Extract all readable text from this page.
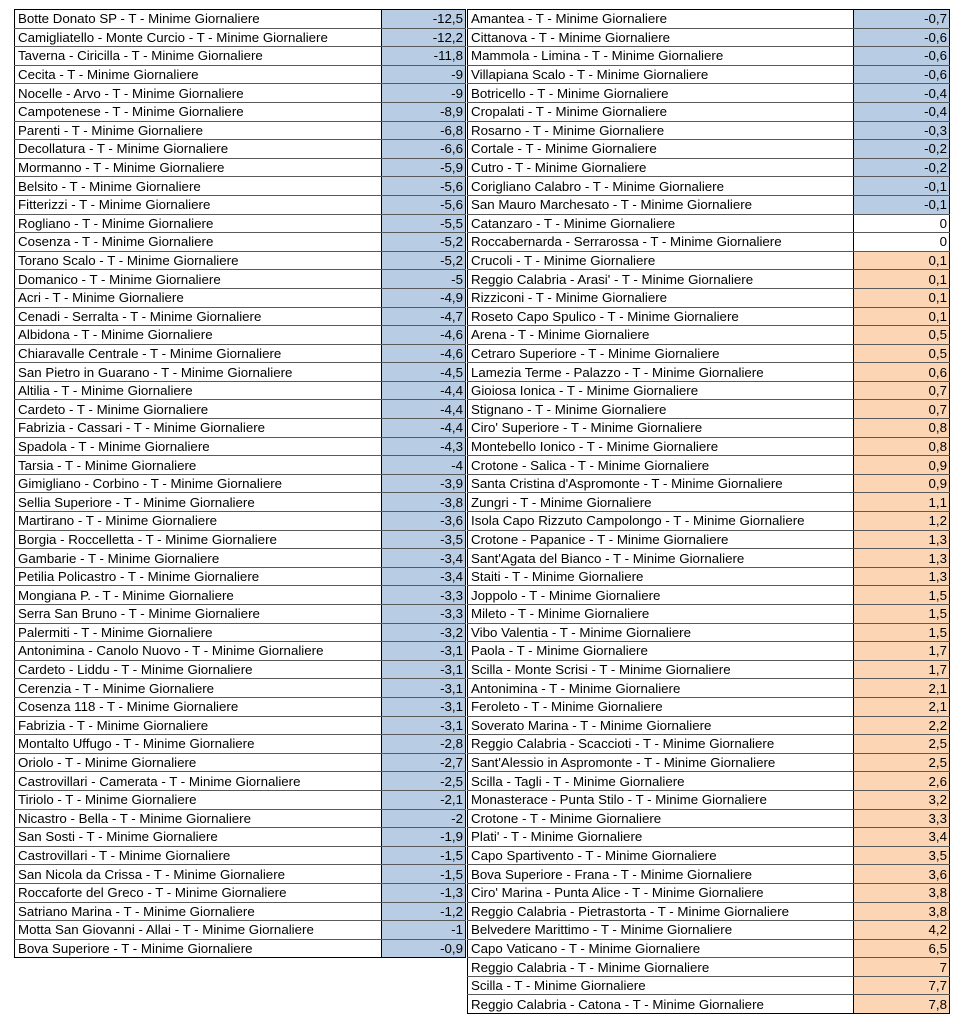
Botte Donato SP - T - Minime Giornaliere	-12,5
Camigliatello - Monte Curcio - T - Minime Giornaliere	-12,2
Taverna - Ciricilla - T - Minime Giornaliere	-11,8
Cecita - T - Minime Giornaliere	-9
Nocelle - Arvo - T - Minime Giornaliere	-9
Campotenese - T - Minime Giornaliere	-8,9
Parenti - T - Minime Giornaliere	-6,8
Decollatura - T - Minime Giornaliere	-6,6
Mormanno - T - Minime Giornaliere	-5,9
Belsito - T - Minime Giornaliere	-5,6
Fitterizzi - T - Minime Giornaliere	-5,6
Rogliano - T - Minime Giornaliere	-5,5
Cosenza - T - Minime Giornaliere	-5,2
Torano Scalo - T - Minime Giornaliere	-5,2
Domanico - T - Minime Giornaliere	-5
Acri - T - Minime Giornaliere	-4,9
Cenadi - Serralta - T - Minime Giornaliere	-4,7
Albidona - T - Minime Giornaliere	-4,6
Chiaravalle Centrale - T - Minime Giornaliere	-4,6
San Pietro in Guarano - T - Minime Giornaliere	-4,5
Altilia - T - Minime Giornaliere	-4,4
Cardeto - T - Minime Giornaliere	-4,4
Fabrizia - Cassari - T - Minime Giornaliere	-4,4
Spadola - T - Minime Giornaliere	-4,3
Tarsia - T - Minime Giornaliere	-4
Gimigliano - Corbino - T - Minime Giornaliere	-3,9
Sellia Superiore - T - Minime Giornaliere	-3,8
Martirano - T - Minime Giornaliere	-3,6
Borgia - Roccelletta - T - Minime Giornaliere	-3,5
Gambarie - T - Minime Giornaliere	-3,4
Petilia Policastro - T - Minime Giornaliere	-3,4
Mongiana P. - T - Minime Giornaliere	-3,3
Serra San Bruno - T - Minime Giornaliere	-3,3
Palermiti - T - Minime Giornaliere	-3,2
Antonimina - Canolo Nuovo - T - Minime Giornaliere	-3,1
Cardeto - Liddu - T - Minime Giornaliere	-3,1
Cerenzia - T - Minime Giornaliere	-3,1
Cosenza 118 - T - Minime Giornaliere	-3,1
Fabrizia - T - Minime Giornaliere	-3,1
Montalto Uffugo - T - Minime Giornaliere	-2,8
Oriolo - T - Minime Giornaliere	-2,7
Castrovillari - Camerata - T - Minime Giornaliere	-2,5
Tiriolo - T - Minime Giornaliere	-2,1
Nicastro - Bella - T - Minime Giornaliere	-2
San Sosti - T - Minime Giornaliere	-1,9
Castrovillari - T - Minime Giornaliere	-1,5
San Nicola da Crissa - T - Minime Giornaliere	-1,5
Roccaforte del Greco - T - Minime Giornaliere	-1,3
Satriano Marina - T - Minime Giornaliere	-1,2
Motta San Giovanni - Allai - T - Minime Giornaliere	-1
Bova Superiore - T - Minime Giornaliere	-0,9
Amantea - T - Minime Giornaliere	-0,7
Cittanova - T - Minime Giornaliere	-0,6
Mammola - Limina - T - Minime Giornaliere	-0,6
Villapiana Scalo - T - Minime Giornaliere	-0,6
Botricello - T - Minime Giornaliere	-0,4
Cropalati - T - Minime Giornaliere	-0,4
Rosarno - T - Minime Giornaliere	-0,3
Cortale - T - Minime Giornaliere	-0,2
Cutro - T - Minime Giornaliere	-0,2
Corigliano Calabro - T - Minime Giornaliere	-0,1
San Mauro Marchesato - T - Minime Giornaliere	-0,1
Catanzaro - T - Minime Giornaliere	0
Roccabernarda - Serrarossa - T - Minime Giornaliere	0
Crucoli - T - Minime Giornaliere	0,1
Reggio Calabria - Arasi' - T - Minime Giornaliere	0,1
Rizziconi - T - Minime Giornaliere	0,1
Roseto Capo Spulico - T - Minime Giornaliere	0,1
Arena - T - Minime Giornaliere	0,5
Cetraro Superiore - T - Minime Giornaliere	0,5
Lamezia Terme - Palazzo - T - Minime Giornaliere	0,6
Gioiosa Ionica - T - Minime Giornaliere	0,7
Stignano - T - Minime Giornaliere	0,7
Ciro' Superiore - T - Minime Giornaliere	0,8
Montebello Ionico - T - Minime Giornaliere	0,8
Crotone - Salica - T - Minime Giornaliere	0,9
Santa Cristina d'Aspromonte - T - Minime Giornaliere	0,9
Zungri - T - Minime Giornaliere	1,1
Isola Capo Rizzuto Campolongo - T - Minime Giornaliere	1,2
Crotone - Papanice - T - Minime Giornaliere	1,3
Sant'Agata del Bianco - T - Minime Giornaliere	1,3
Staiti - T - Minime Giornaliere	1,3
Joppolo - T - Minime Giornaliere	1,5
Mileto - T - Minime Giornaliere	1,5
Vibo Valentia - T - Minime Giornaliere	1,5
Paola - T - Minime Giornaliere	1,7
Scilla - Monte Scrisi - T - Minime Giornaliere	1,7
Antonimina - T - Minime Giornaliere	2,1
Feroleto - T - Minime Giornaliere	2,1
Soverato Marina - T - Minime Giornaliere	2,2
Reggio Calabria - Scaccioti - T - Minime Giornaliere	2,5
Sant'Alessio in Aspromonte - T - Minime Giornaliere	2,5
Scilla - Tagli - T - Minime Giornaliere	2,6
Monasterace - Punta Stilo - T - Minime Giornaliere	3,2
Crotone - T - Minime Giornaliere	3,3
Plati' - T - Minime Giornaliere	3,4
Capo Spartivento - T - Minime Giornaliere	3,5
Bova Superiore - Frana - T - Minime Giornaliere	3,6
Ciro' Marina - Punta Alice - T - Minime Giornaliere	3,8
Reggio Calabria - Pietrastorta - T - Minime Giornaliere	3,8
Belvedere Marittimo - T - Minime Giornaliere	4,2
Capo Vaticano - T - Minime Giornaliere	6,5
Reggio Calabria - T - Minime Giornaliere	7
Scilla - T - Minime Giornaliere	7,7
Reggio Calabria - Catona - T - Minime Giornaliere	7,8
